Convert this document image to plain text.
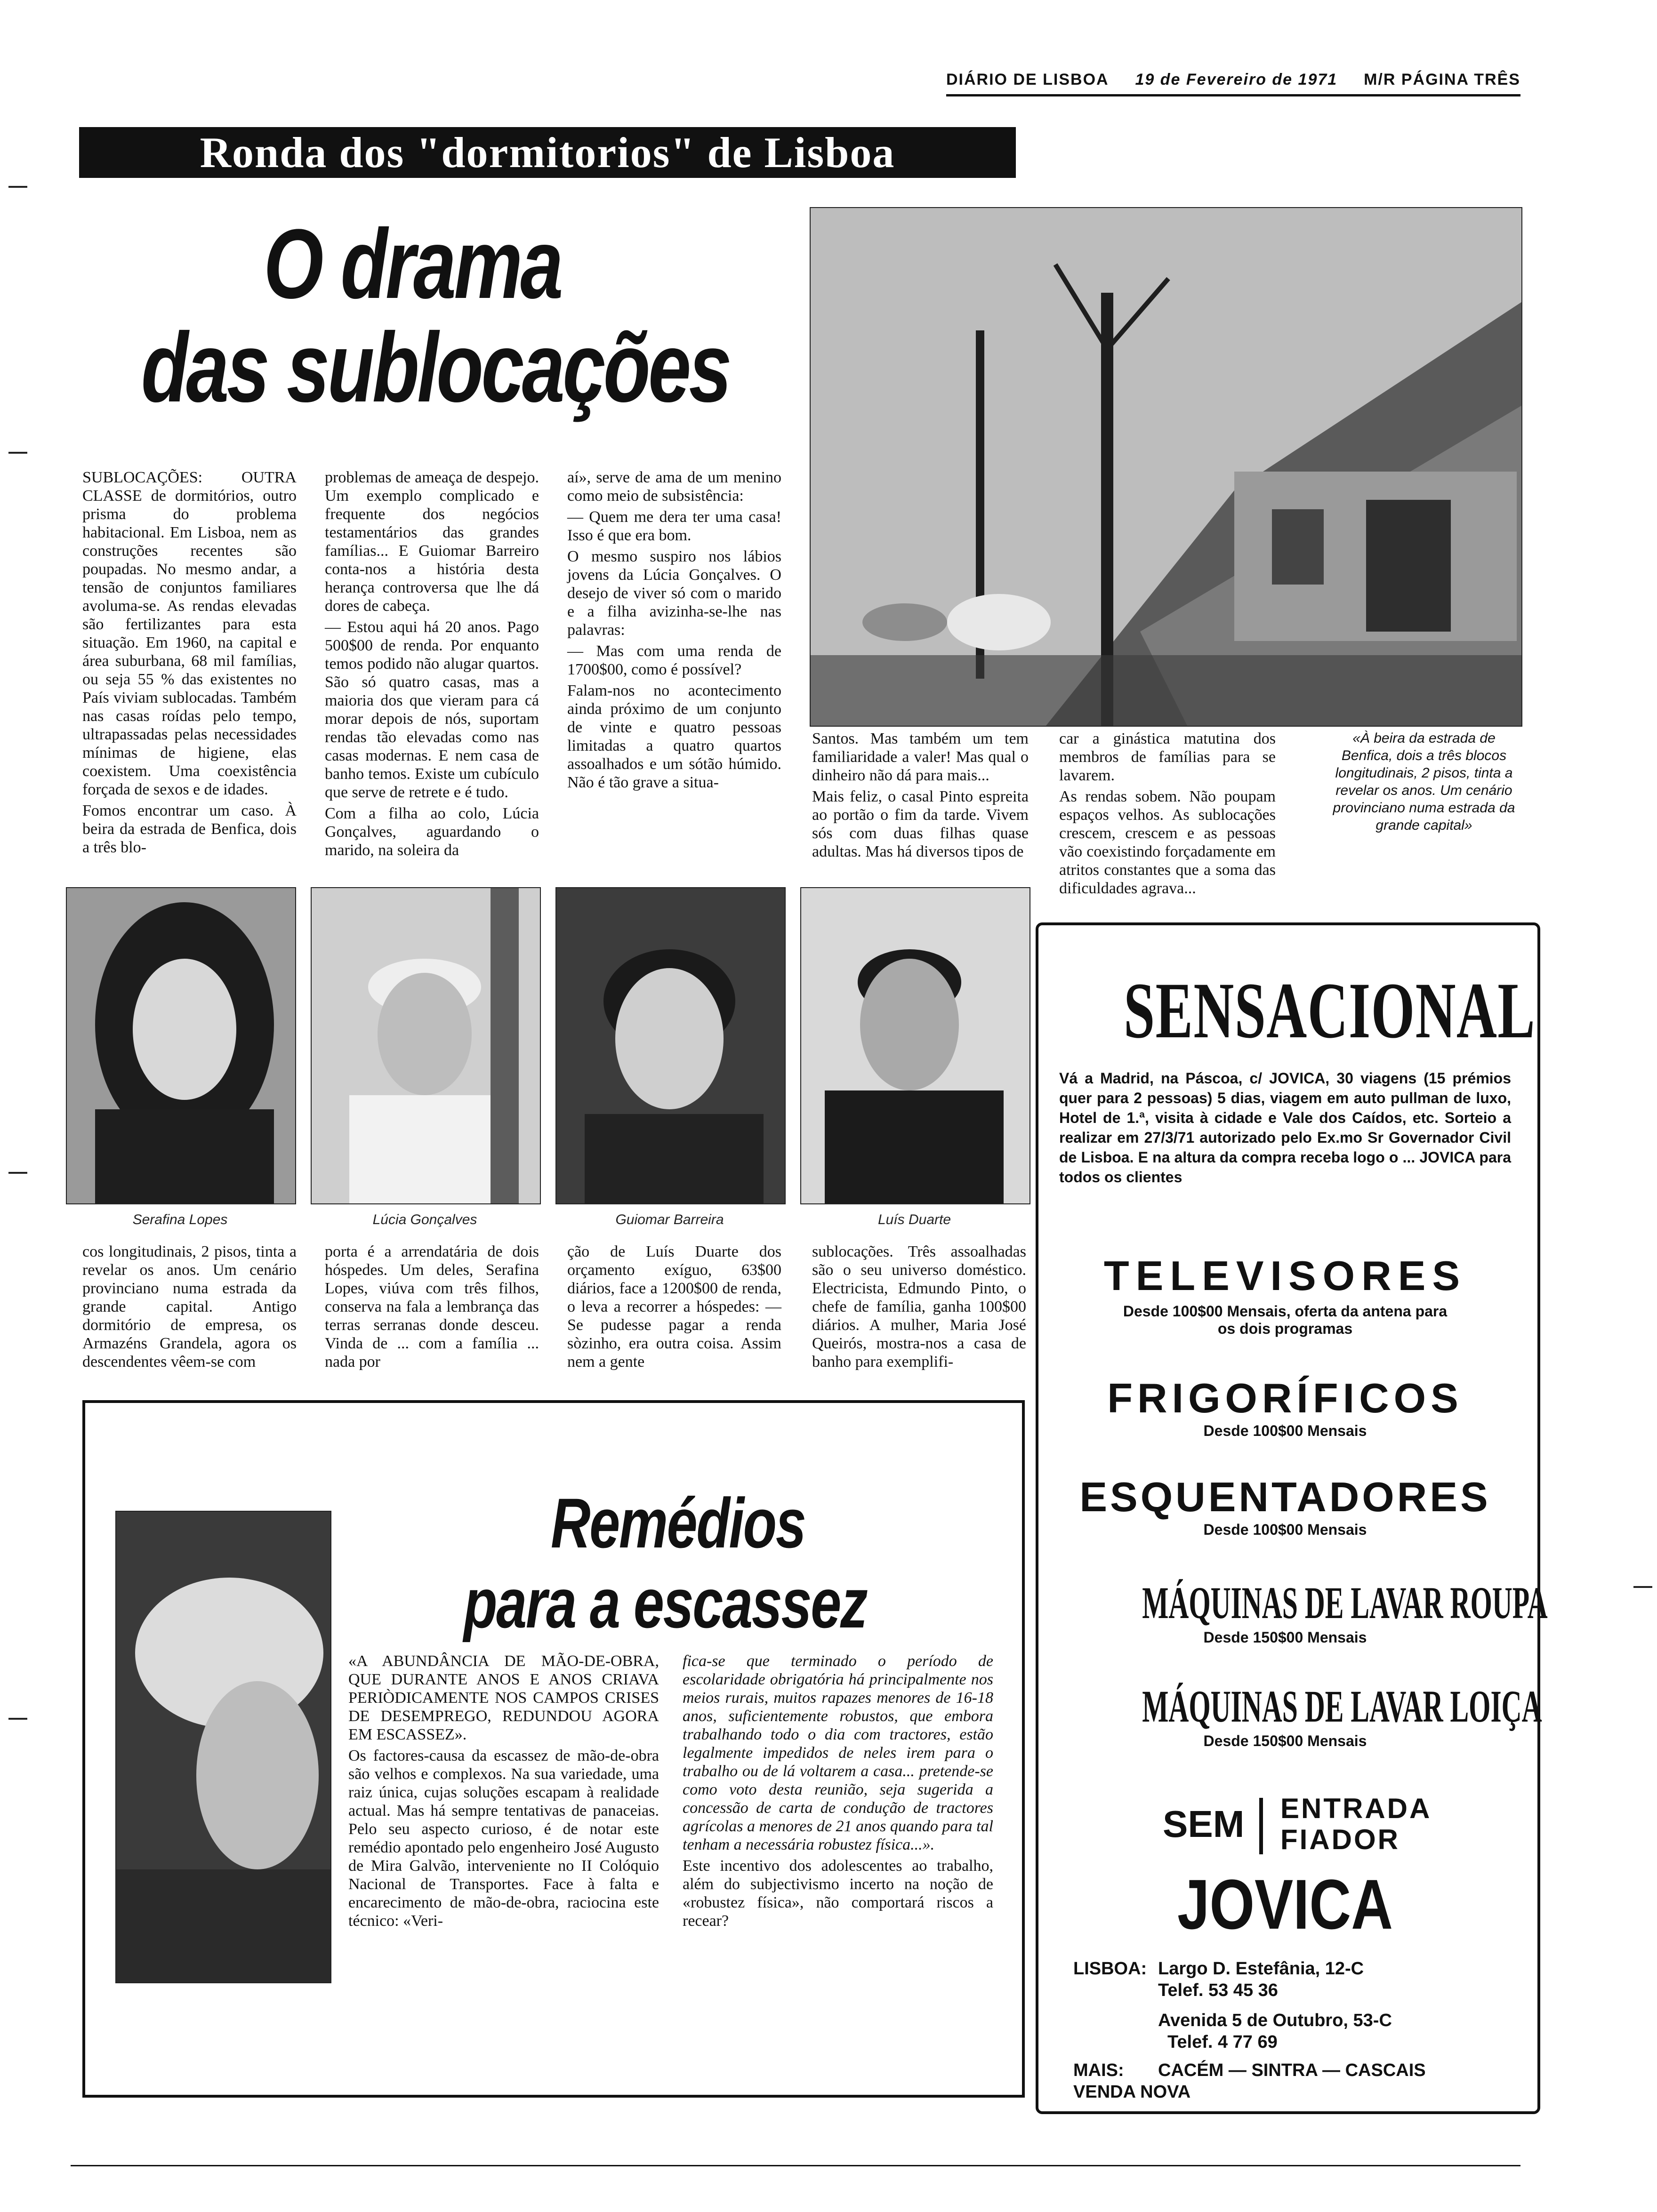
DIÁRIO DE LISBOA 19 de Fevereiro de 1971 M/R PÁGINA TRÊS
Ronda dos "dormitorios" de Lisboa
O drama
das sublocações

SUBLOCAÇÕES: OUTRA CLASSE de dormitórios, outro prisma do problema habitacional. Em Lisboa, nem as construções recentes são poupadas. No mesmo andar, a tensão de conjuntos familiares avoluma-se. As rendas elevadas são fertilizantes para esta situação. Em 1960, na capital e área suburbana, 68 mil famílias, ou seja 55 % das existentes no País viviam sublocadas. Também nas casas roídas pelo tempo, ultrapassadas pelas necessidades mínimas de higiene, elas coexistem. Uma coexistência forçada de sexos e de idades.

Fomos encontrar um caso. À beira da estrada de Benfica, dois a três blo-

problemas de ameaça de despejo. Um exemplo complicado e frequente dos negócios testamentários das grandes famílias... E Guiomar Barreiro conta-nos a história desta herança controversa que lhe dá dores de cabeça.

— Estou aqui há 20 anos. Pago 500$00 de renda. Por enquanto temos podido não alugar quartos. São só quatro casas, mas a maioria dos que vieram para cá morar depois de nós, suportam rendas tão elevadas como nas casas modernas. E nem casa de banho temos. Existe um cubículo que serve de retrete e é tudo.

Com a filha ao colo, Lúcia Gonçalves, aguardando o marido, na soleira da

aí», serve de ama de um menino como meio de subsistência:

— Quem me dera ter uma casa! Isso é que era bom.

O mesmo suspiro nos lábios jovens da Lúcia Gonçalves. O desejo de viver só com o marido e a filha avizinha-se-lhe nas palavras:

— Mas com uma renda de 1700$00, como é possível?

Falam-nos no acontecimento ainda próximo de um conjunto de vinte e quatro pessoas limitadas a quatro quartos assoalhados e um sótão húmido. Não é tão grave a situa-

Santos. Mas também um tem familiaridade a valer! Mas qual o dinheiro não dá para mais...

Mais feliz, o casal Pinto espreita ao portão o fim da tarde. Vivem sós com duas filhas quase adultas. Mas há diversos tipos de

car a ginástica matutina dos membros de famílias para se lavarem.

As rendas sobem. Não poupam espaços velhos. As sublocações crescem, crescem e as pessoas vão coexistindo forçadamente em atritos constantes que a soma das dificuldades agrava...

«À beira da estrada de Benfica, dois a três blocos longitudinais, 2 pisos, tinta a revelar os anos. Um cenário provinciano numa estrada da grande capital»
Serafina Lopes	Lúcia Gonçalves	Guiomar Barreira	Luís Duarte
cos longitudinais, 2 pisos, tinta a revelar os anos. Um cenário provinciano numa estrada da grande capital. Antigo dormitório de empresa, os Armazéns Grandela, agora os descendentes vêem-se com
porta é a arrendatária de dois hóspedes. Um deles, Serafina Lopes, viúva com três filhos, conserva na fala a lembrança das terras serranas donde desceu. Vinda de ... com a família ... nada por
ção de Luís Duarte dos orçamento exíguo, 63$00 diários, face a 1200$00 de renda, o leva a recorrer a hóspedes: —Se pudesse pagar a renda sòzinho, era outra coisa. Assim nem a gente
sublocações. Três assoalhadas são o seu universo doméstico. Electricista, Edmundo Pinto, o chefe de família, ganha 100$00 diários. A mulher, Maria José Queirós, mostra-nos a casa de banho para exemplifi-
Remédios
para a escassez

«A ABUNDÂNCIA DE MÃO-DE-OBRA, QUE DURANTE ANOS E ANOS CRIAVA PERIÒDICAMENTE NOS CAMPOS CRISES DE DESEMPREGO, REDUNDOU AGORA EM ESCASSEZ».

Os factores-causa da escassez de mão-de-obra são velhos e complexos. Na sua variedade, uma raiz única, cujas soluções escapam à realidade actual. Mas há sempre tentativas de panaceias. Pelo seu aspecto curioso, é de notar este remédio apontado pelo engenheiro José Augusto de Mira Galvão, interveniente no II Colóquio Nacional de Transportes. Face à falta e encarecimento de mão-de-obra, raciocina este técnico: «Veri-

fica-se que terminado o período de escolaridade obrigatória há principalmente nos meios rurais, muitos rapazes menores de 16-18 anos, suficientemente robustos, que embora trabalhando todo o dia com tractores, estão legalmente impedidos de neles irem para o trabalho ou de lá voltarem a casa... pretende-se como voto desta reunião, seja sugerida a concessão de carta de condução de tractores agrícolas a menores de 21 anos quando para tal tenham a necessária robustez física...».

Este incentivo dos adolescentes ao trabalho, além do subjectivismo incerto na noção de «robustez física», não comportará riscos a recear?

SENSACIONAL
Vá a Madrid, na Páscoa, c/ JOVICA, 30 viagens (15 prémios quer para 2 pessoas) 5 dias, viagem em auto pullman de luxo, Hotel de 1.ª, visita à cidade e Vale dos Caídos, etc. Sorteio a realizar em 27/3/71 autorizado pelo Ex.mo Sr Governador Civil de Lisboa. E na altura da compra receba logo o ... JOVICA para todos os clientes
TELEVISORES
Desde 100$00 Mensais, oferta da antena para os dois programas
FRIGORÍFICOS
Desde 100$00 Mensais
ESQUENTADORES
Desde 100$00 Mensais
MÁQUINAS DE LAVAR ROUPA
Desde 150$00 Mensais
MÁQUINAS DE LAVAR LOIÇA
Desde 150$00 Mensais
SEM ENTRADA
FIADOR
JOVICA
LISBOA: Largo D. Estefânia, 12-C
Telef. 53 45 36
Avenida 5 de Outubro, 53-C
Telef. 4 77 69
MAIS: CACÉM — SINTRA — CASCAIS
VENDA NOVA
